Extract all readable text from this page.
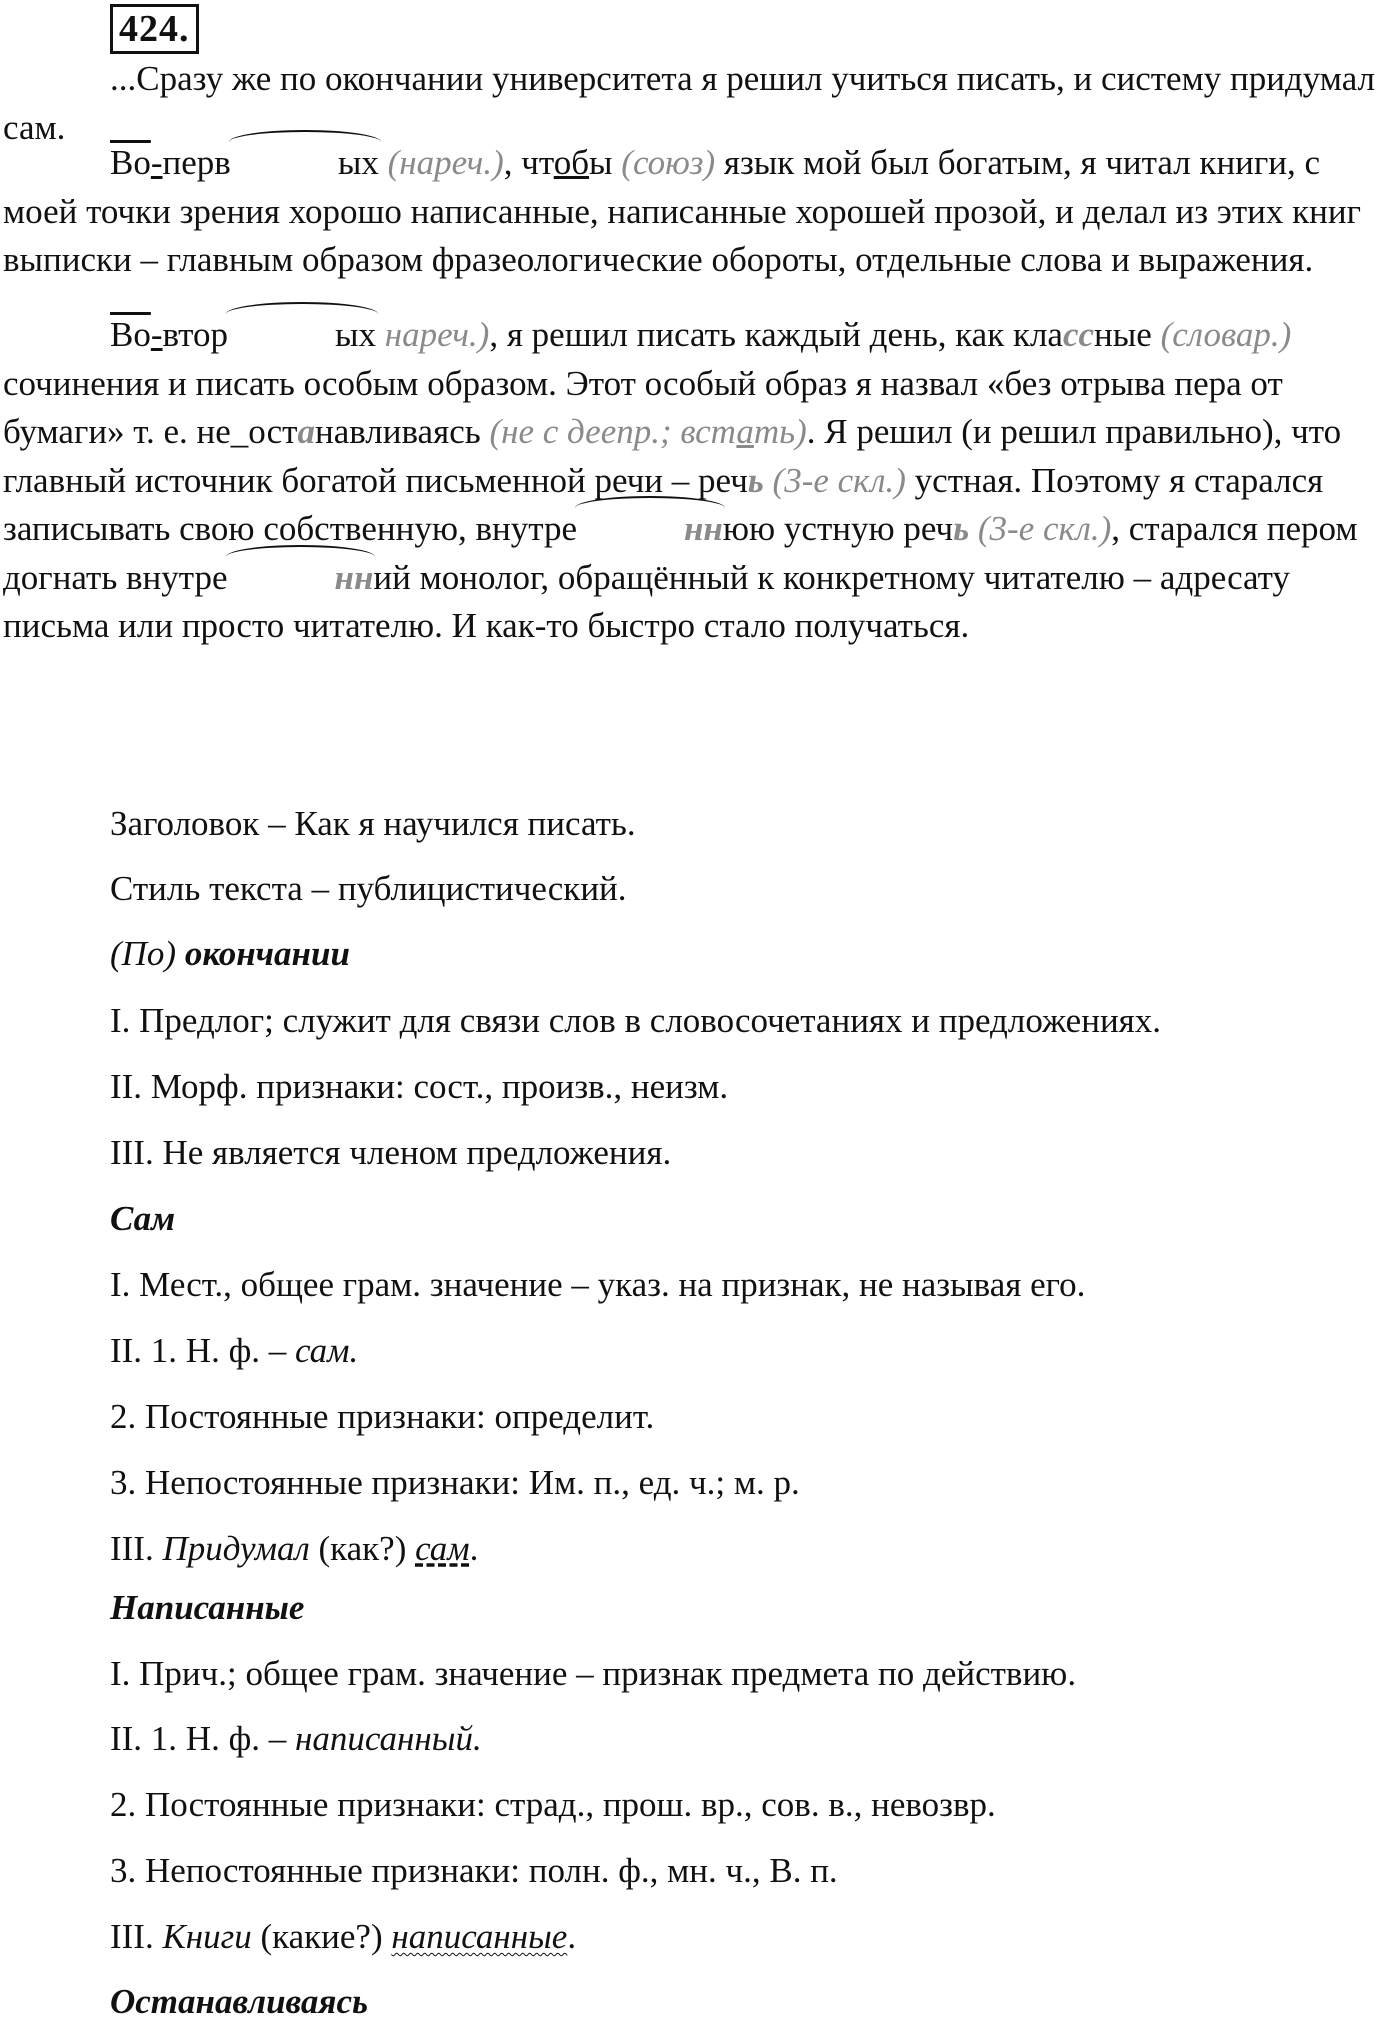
424.
...Сразу же по окончании университета я решил учиться писать, и систему придумал сам.
Во-перв	ых (нареч.), чтобы (союз) язык мой был богатым, я читал книги, с моей точки зрения хорошо написанные, написанные хорошей прозой, и делал из этих книг выписки – главным образом фразеологические обороты, отдельные слова и выражения.
Во-втор	ых нареч.), я решил писать каждый день, как классные (словар.) сочинения и писать особым образом. Этот особый образ я назвал «без отрыва пера от бумаги» т. е. не_останавливаясь (не с деепр.; встать). Я решил (и решил правильно), что главный источник богатой письменной речи – речь (3-е скл.) устная. Поэтому я старался записывать свою собственную, внутре	ннюю устную речь (3-е скл.), старался пером догнать внутре	нний монолог, обращённый к конкретному читателю – адресату письма или просто читателю. И как-то быстро стало получаться.
Заголовок – Как я научился писать.
Стиль текста – публицистический.
(По) окончании
I. Предлог; служит для связи слов в словосочетаниях и предложениях.
II. Морф. признаки: сост., произв., неизм.
III. Не является членом предложения.
Сам
I. Мест., общее грам. значение – указ. на признак, не называя его.
II. 1. Н. ф. – сам.
2. Постоянные признаки: определит.
3. Непостоянные признаки: Им. п., ед. ч.; м. р.
III. Придумал (как?) сам.
Написанные
I. Прич.; общее грам. значение – признак предмета по действию.
II. 1. Н. ф. – написанный.
2. Постоянные признаки: страд., прош. вр., сов. в., невозвр.
3. Непостоянные признаки: полн. ф., мн. ч., В. п.
III. Книги (какие?) написанные.
Останавливаясь
